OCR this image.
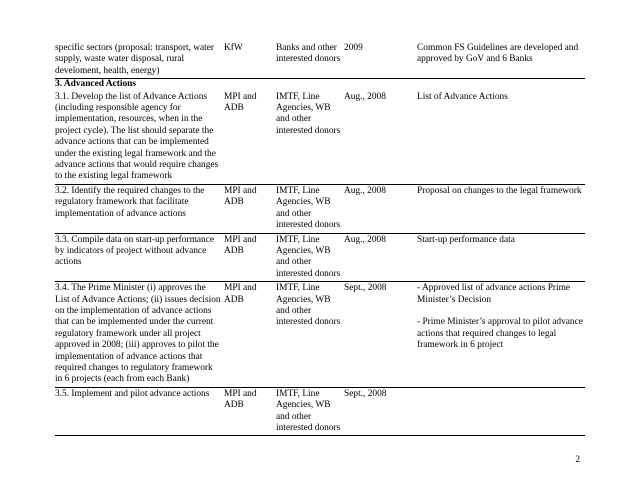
specific sectors (proposal: transport, water supply, waste water disposal, rural develoment, health, energy)	KfW	Banks and other interested donors	2009	Common FS Guidelines are developed and approved by GoV and 6 Banks
3. Advanced Actions				
3.1. Develop the list of Advance Actions (including responsible agency for implementation, resources, when in the project cycle). The list should separate the advance actions that can be implemented under the existing legal framework and the advance actions that would require changes to the existing legal framework	MPI and ADB	IMTF, Line Agencies, WB and other interested donors	Aug., 2008	List of Advance Actions
3.2. Identify the required changes to the regulatory framework that facilitate implementation of advance actions	MPI and ADB	IMTF, Line Agencies, WB and other interested donors	Aug., 2008	Proposal on changes to the legal framework
3.3. Compile data on start-up performance by indicators of project without advance actions	MPI and ADB	IMTF, Line Agencies, WB and other interested donors	Aug., 2008	Start-up performance data
3.4. The Prime Minister (i) approves the List of Advance Actions; (ii) issues decision on the implementation of advance actions that can be implemented under the current regulatory framework under all project approved in 2008; (iii) approves to pilot the implementation of advance actions that required changes to regulatory framework in 6 projects (each from each Bank)	MPI and ADB	IMTF, Line Agencies, WB and other interested donors	Sept., 2008	- Approved list of advance actions Prime Minister’s Decision
- Prime Minister’s approval to pilot advance actions that required changes to legal framework in 6 project
3.5. Implement and pilot advance actions	MPI and ADB	IMTF, Line Agencies, WB and other interested donors	Sept., 2008	
2
